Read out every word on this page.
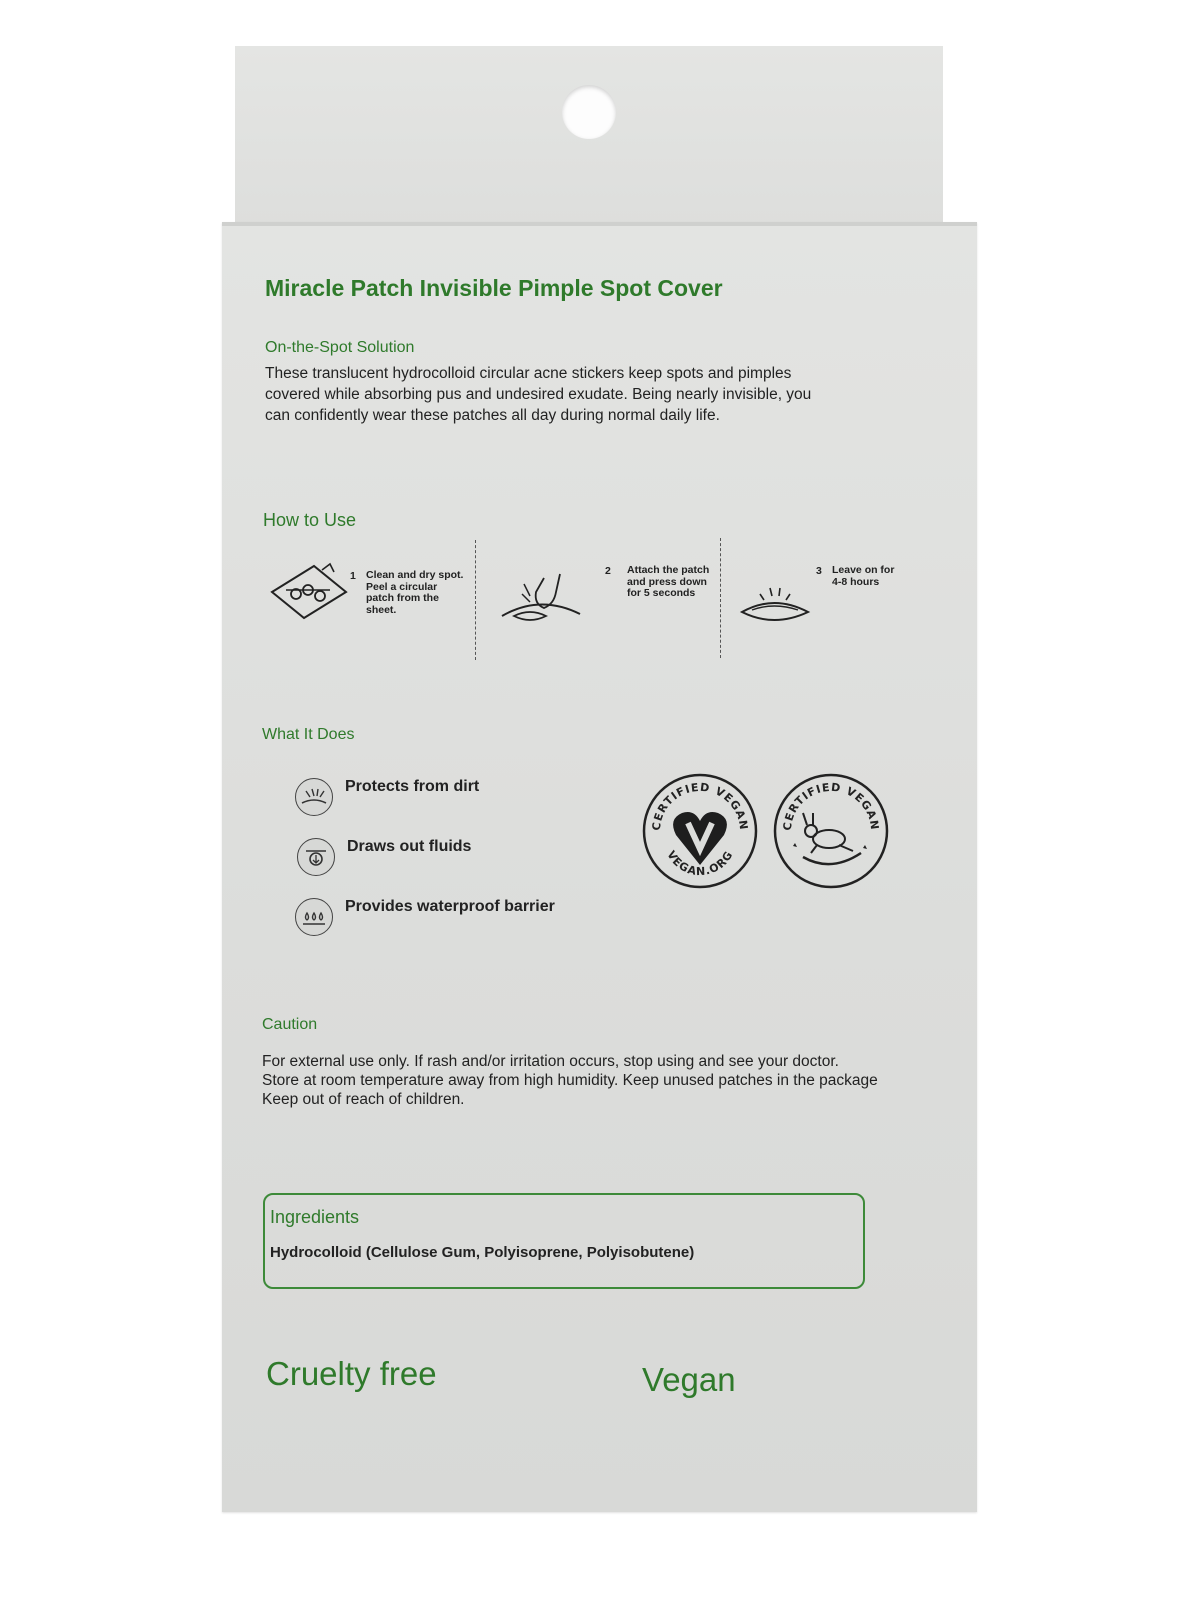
Miracle Patch Invisible Pimple Spot Cover
On-the-Spot Solution
These translucent hydrocolloid circular acne stickers keep spots and pimples
covered while absorbing pus and undesired exudate. Being nearly invisible, you
can confidently wear these patches all day during normal daily life.
How to Use
1 Clean and dry spot.
Peel a circular
patch from the
sheet.
2 Attach the patch
and press down
for 5 seconds
3 Leave on for
4-8 hours
What It Does
Protects from dirt
Draws out fluids
Provides waterproof barrier
CERTIFIED VEGAN
VEGAN.ORG
CERTIFIED VEGAN
Caution
For external use only. If rash and/or irritation occurs, stop using and see your doctor.
Store at room temperature away from high humidity. Keep unused patches in the package
Keep out of reach of children.
Ingredients
Hydrocolloid (Cellulose Gum, Polyisoprene, Polyisobutene)
Cruelty free	Vegan
